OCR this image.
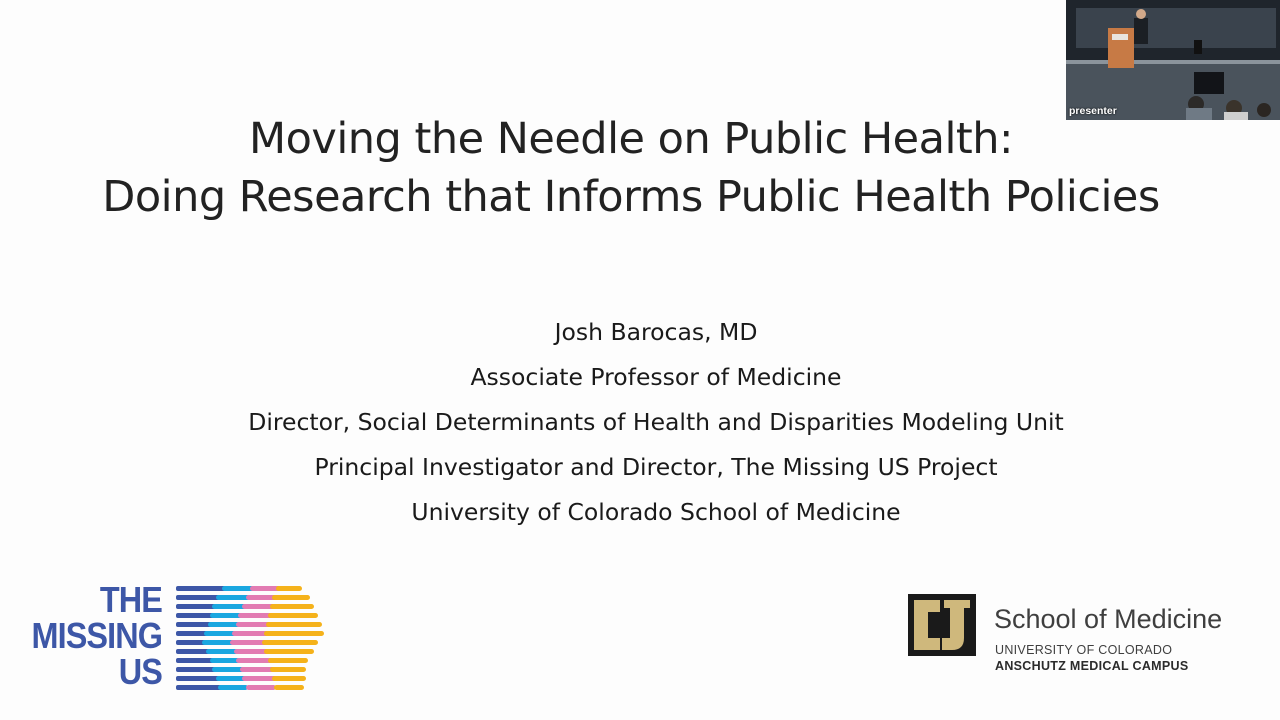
Moving the Needle on Public Health:
Doing Research that Informs Public Health Policies
Josh Barocas, MD
Associate Professor of Medicine
Director, Social Determinants of Health and Disparities Modeling Unit
Principal Investigator and Director, The Missing US Project
University of Colorado School of Medicine
THE
MISSING
US
School of Medicine
UNIVERSITY OF COLORADO
ANSCHUTZ MEDICAL CAMPUS
presenter
